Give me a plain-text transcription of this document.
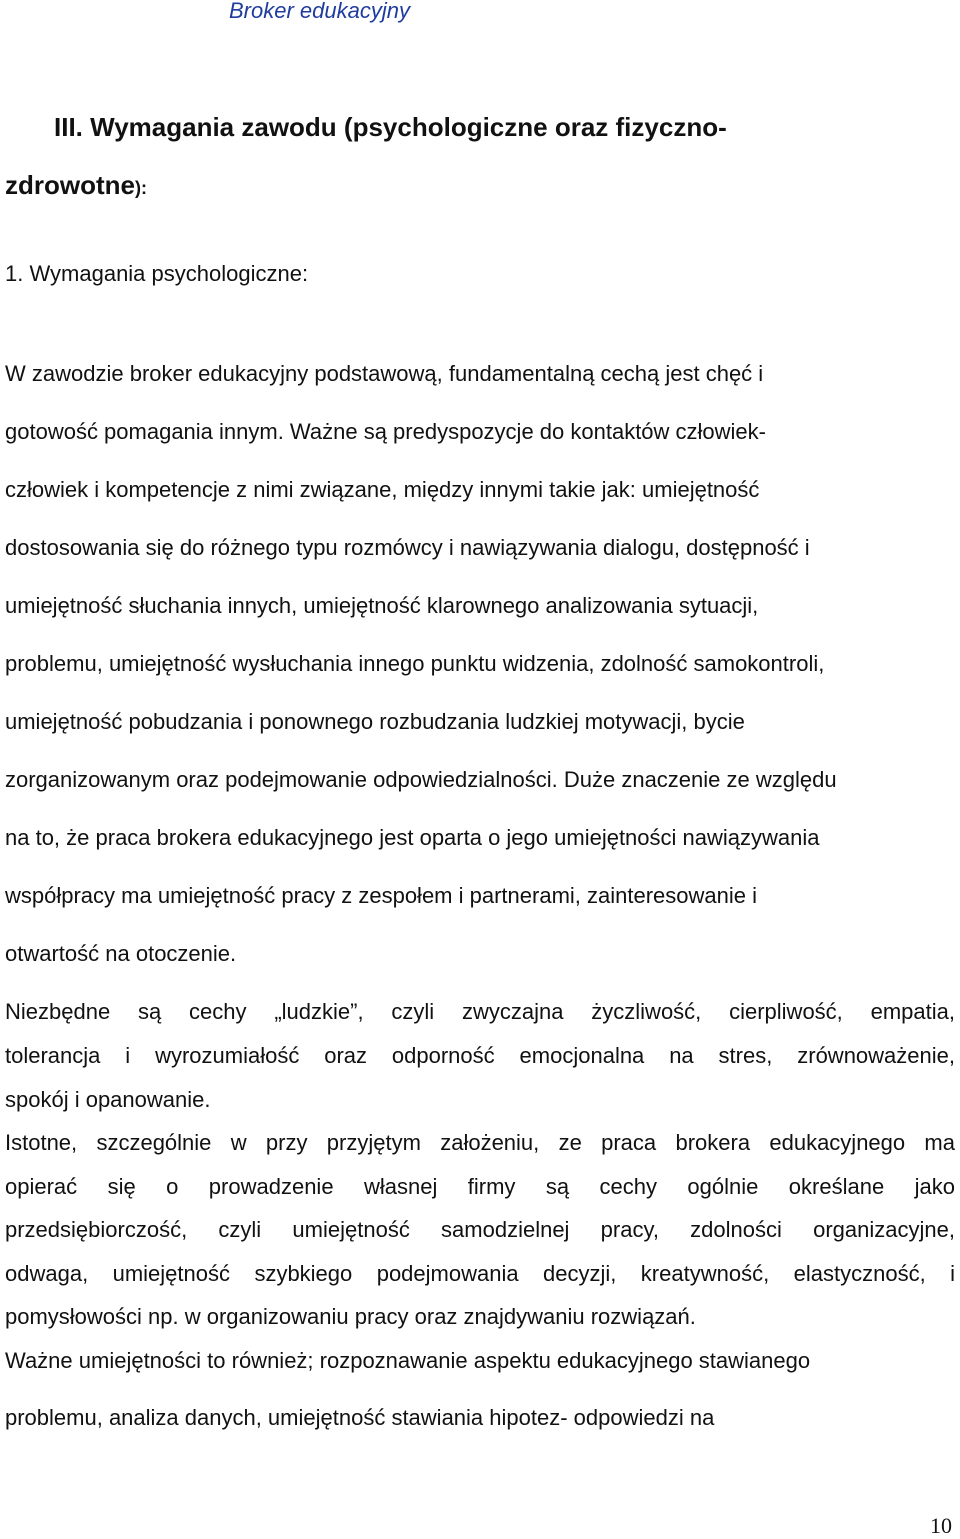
Broker edukacyjny

III. Wymagania zawodu (psychologiczne oraz fizyczno-

zdrowotne):

1. Wymagania psychologiczne:

W zawodzie broker edukacyjny podstawową, fundamentalną cechą jest chęć i

gotowość pomagania innym. Ważne są predyspozycje do kontaktów człowiek-

człowiek i kompetencje z nimi związane, między innymi takie jak: umiejętność

dostosowania się do różnego typu rozmówcy i nawiązywania dialogu, dostępność i

umiejętność słuchania innych, umiejętność klarownego analizowania sytuacji,

problemu, umiejętność wysłuchania innego punktu widzenia, zdolność samokontroli,

umiejętność pobudzania i ponownego rozbudzania ludzkiej motywacji, bycie

zorganizowanym oraz podejmowanie odpowiedzialności. Duże znaczenie ze względu

na to, że praca brokera edukacyjnego jest oparta o jego umiejętności nawiązywania

współpracy ma umiejętność pracy z zespołem i partnerami, zainteresowanie i

otwartość na otoczenie.

Niezbędne są cechy „ludzkie”, czyli zwyczajna życzliwość, cierpliwość, empatia,

tolerancja i wyrozumiałość oraz odporność emocjonalna na stres, zrównoważenie,

spokój i opanowanie.

Istotne, szczególnie w przy przyjętym założeniu, ze praca brokera edukacyjnego ma

opierać się o prowadzenie własnej firmy są cechy ogólnie określane jako

przedsiębiorczość, czyli umiejętność samodzielnej pracy, zdolności organizacyjne,

odwaga, umiejętność szybkiego podejmowania decyzji, kreatywność, elastyczność, i

pomysłowości np. w organizowaniu pracy oraz znajdywaniu rozwiązań.

Ważne umiejętności to również; rozpoznawanie aspektu edukacyjnego stawianego

problemu, analiza danych, umiejętność stawiania hipotez- odpowiedzi na

10
